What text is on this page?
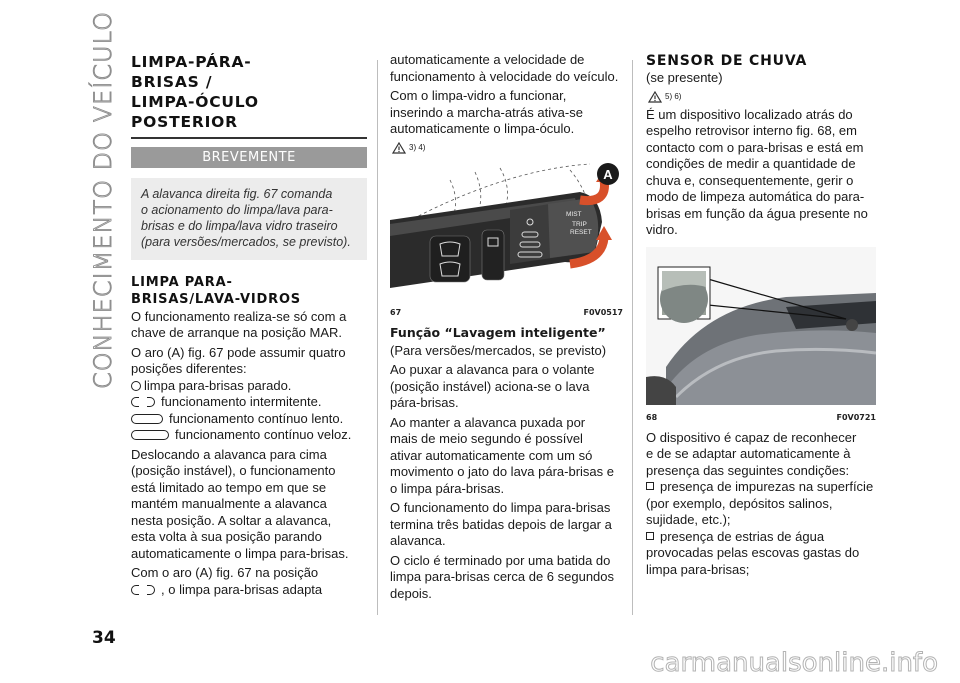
CONHECIMENTO DO VEÍCULO LIMPA-PÁRA-
BRISAS /
LIMPA-ÓCULO
POSTERIOR
BREVEMENTE
A alavanca direita fig. 67 comanda
o acionamento do limpa/lava para-
brisas e do limpa/lava vidro traseiro
(para versões/mercados, se previsto).
LIMPA PARA-
BRISAS/LAVA-VIDROS
O funcionamento realiza-se só com a
chave de arranque na posição MAR.
O aro (A) fig. 67 pode assumir quatro
posições diferentes:
limpa para-brisas parado.
funcionamento intermitente.
funcionamento contínuo lento.
funcionamento contínuo veloz.
Deslocando a alavanca para cima
(posição instável), o funcionamento
está limitado ao tempo em que se
mantém manualmente a alavanca
nesta posição. A soltar a alavanca,
esta volta à sua posição parando
automaticamente o limpa para-brisas.
Com o aro (A) fig. 67 na posição
, o limpa para-brisas adapta
automaticamente a velocidade de
funcionamento à velocidade do veículo.
Com o limpa-vidro a funcionar,
inserindo a marcha-atrás ativa-se
automaticamente o limpa-óculo.
3) 4)
MIST
TRIP
RESET
A
67	F0V0517
Função “Lavagem inteligente”
(Para versões/mercados, se previsto)
Ao puxar a alavanca para o volante
(posição instável) aciona-se o lava
pára-brisas.
Ao manter a alavanca puxada por
mais de meio segundo é possível
ativar automaticamente com um só
movimento o jato do lava pára-brisas e
o limpa pára-brisas.
O funcionamento do limpa para-brisas
termina três batidas depois de largar a
alavanca.
O ciclo é terminado por uma batida do
limpa para-brisas cerca de 6 segundos
depois.
SENSOR DE CHUVA
(se presente)
5) 6)
É um dispositivo localizado atrás do
espelho retrovisor interno fig. 68, em
contacto com o para-brisas e está em
condições de medir a quantidade de
chuva e, consequentemente, gerir o
modo de limpeza automática do para-
brisas em função da água presente no
vidro.
68	F0V0721
O dispositivo é capaz de reconhecer
e de se adaptar automaticamente à
presença das seguintes condições:
presença de impurezas na superfície
(por exemplo, depósitos salinos,
sujidade, etc.);
presença de estrias de água
provocadas pelas escovas gastas do
limpa para-brisas;
34
carmanualsonline.info
